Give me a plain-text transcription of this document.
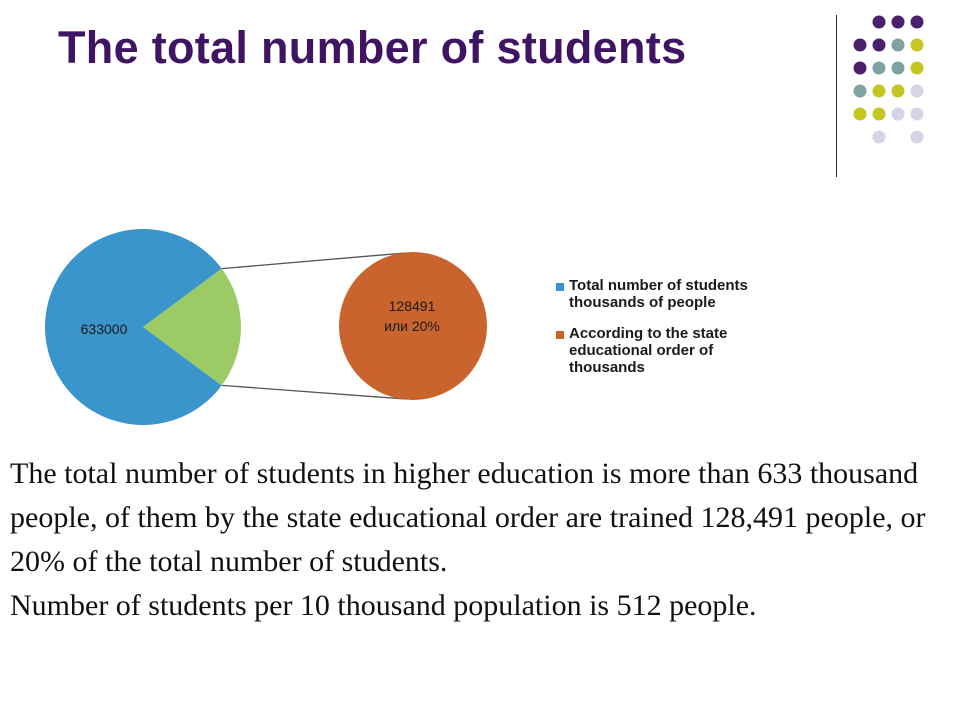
The total number of students
633000
128491
или 20%
Total number of students
thousands of people
According to the state
educational order of
thousands

The total number of students in higher education is more than 633 thousand people, of them by the state educational order are trained 128,491 people, or 20% of the total number of students.

Number of students per 10 thousand population is 512 people.
